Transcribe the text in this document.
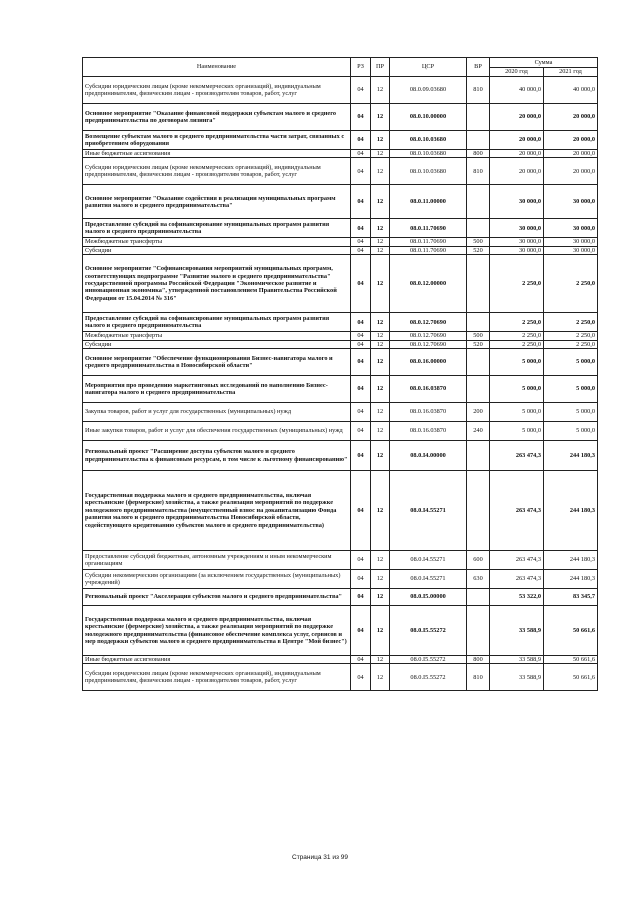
Наименование	РЗ	ПР	ЦСР	ВР	Сумма	
					2020 год	2021 год
Субсидии юридическим лицам (кроме некоммерческих организаций), индивидуальным предпринимателям, физическим лицам - производителям товаров, работ, услуг	04	12	08.0.09.03680	810	40 000,0	40 000,0
Основное мероприятие "Оказание финансовой поддержки субъектам малого и среднего предпринимательства по договорам лизинга"	04	12	08.0.10.00000		20 000,0	20 000,0
Возмещение субъектам малого и среднего предпринимательства части затрат, связанных с приобретением оборудования	04	12	08.0.10.03680		20 000,0	20 000,0
Иные бюджетные ассигнования	04	12	08.0.10.03680	800	20 000,0	20 000,0
Субсидии юридическим лицам (кроме некоммерческих организаций), индивидуальным предпринимателям, физическим лицам - производителям товаров, работ, услуг	04	12	08.0.10.03680	810	20 000,0	20 000,0
Основное мероприятие "Оказание содействия в реализации муниципальных программ развития малого и среднего предпринимательства"	04	12	08.0.11.00000		30 000,0	30 000,0
Предоставление субсидий на софинансирование муниципальных программ развития малого и среднего предпринимательства	04	12	08.0.11.70690		30 000,0	30 000,0
Межбюджетные трансферты	04	12	08.0.11.70690	500	30 000,0	30 000,0
Субсидии	04	12	08.0.11.70690	520	30 000,0	30 000,0
Основное мероприятие "Софинансирования мероприятий муниципальных программ, соответствующих подпрограмме "Развитие малого и среднего предпринимательства" государственной программы Российской Федерации "Экономическое развитие и инновационная экономика", утвержденной постановлением Правительства Российской Федерации от 15.04.2014 № 316"	04	12	08.0.12.00000		2 250,0	2 250,0
Предоставление субсидий на софинансирование муниципальных программ развития малого и среднего предпринимательства	04	12	08.0.12.70690		2 250,0	2 250,0
Межбюджетные трансферты	04	12	08.0.12.70690	500	2 250,0	2 250,0
Субсидии	04	12	08.0.12.70690	520	2 250,0	2 250,0
Основное мероприятие "Обеспечение функционирования Бизнес-навигатора малого и среднего предпринимательства в Новосибирской области"	04	12	08.0.16.00000		5 000,0	5 000,0
Мероприятия про проведению маркетинговых исследований по наполнению Бизнес-навигатора малого и среднего предпринимательства	04	12	08.0.16.03870		5 000,0	5 000,0
Закупка товаров, работ и услуг для государственных (муниципальных) нужд	04	12	08.0.16.03870	200	5 000,0	5 000,0
Иные закупки товаров, работ и услуг для обеспечения государственных (муниципальных) нужд	04	12	08.0.16.03870	240	5 000,0	5 000,0
Региональный проект "Расширение доступа субъектов малого и среднего предпринимательства к финансовым ресурсам, в том числе к льготному финансированию"	04	12	08.0.I4.00000		263 474,3	244 180,3
Государственная поддержка малого и среднего предпринимательства, включая крестьянские (фермерские) хозяйства, а также реализация мероприятий по поддержке молодежного предпринимательства (имущественный взнос на докапитализацию Фонда развития малого и среднего предпринимательства Новосибирской области, содействующего кредитованию субъектов малого и среднего предпринимательства)	04	12	08.0.I4.55271		263 474,3	244 180,3
Предоставление субсидий бюджетным, автономным учреждениям и иным некоммерческим организациям	04	12	08.0.I4.55271	600	263 474,3	244 180,3
Субсидии некоммерческим организациям (за исключением государственных (муниципальных) учреждений)	04	12	08.0.I4.55271	630	263 474,3	244 180,3
Региональный проект "Акселерация субъектов малого и среднего предпринимательства"	04	12	08.0.I5.00000		53 322,0	83 345,7
Государственная поддержка малого и среднего предпринимательства, включая крестьянские (фермерские) хозяйства, а также реализация мероприятий по поддержке молодежного предпринимательства (финансовое обеспечение комплекса услуг, сервисов и мер поддержки субъектов малого и среднего предпринимательства в Центре "Мой бизнес")	04	12	08.0.I5.55272		33 588,9	50 661,6
Иные бюджетные ассигнования	04	12	08.0.I5.55272	800	33 588,9	50 661,6
Субсидии юридическим лицам (кроме некоммерческих организаций), индивидуальным предпринимателям, физическим лицам - производителям товаров, работ, услуг	04	12	08.0.I5.55272	810	33 588,9	50 661,6
Страница 31 из 99
